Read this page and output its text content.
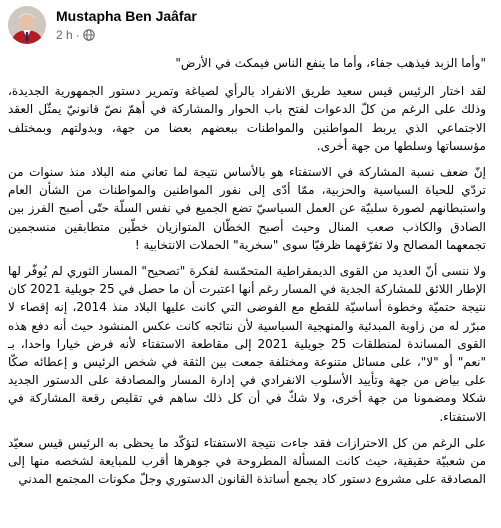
Mustapha Ben Jaâfar
2 h ·

"وأما الزبد فيذهب جفاء، وأما ما ينفع الناس فيمكث في الأرض"

لقد اختار الرئيس قيس سعيد طريق الانفراد بالرأي لصياغة وتمرير دستور الجمهورية الجديدة، وذلك على الرغم من كلّ الدعوات لفتح باب الحوار والمشاركة في أهمّ نصّ قانونيّ يمثّل العقد الاجتماعي الذي يربط المواطنين والمواطنات ببعضهم بعضا من جهة، وبدولتهم وبمختلف مؤسساتها وسلطها من جهة أخرى.

إنّ ضعف نسبة المشاركة في الاستفتاء هو بالأساس نتيجة لما تعاني منه البلاد منذ سنوات من تردّي للحياة السياسية والحزبية، ممّا أدّى إلى نفور المواطنين والمواطنات من الشأن العام واستبطانهم لصورة سلبيّة عن العمل السياسيّ تضع الجميع في نفس السلّة حتّى أصبح الفرز بين الصادق والكاذب صعب المنال وحيث أصبح الخطّان المتوازيان خطّين متطابقين منسجمين تجمعهما المصالح ولا تفرّقهما ظرفيّا سوى "سخرية" الحملات الانتخابية !

ولا ننسى أنّ العديد من القوى الديمقراطية المتحمّسة لفكرة "تصحيح" المسار الثوري لم يُوفّر لها الإطار اللائق للمشاركة الجدية في المسار رغم أنها اعتبرت أن ما حصل في 25 جويلية 2021 كان نتيجة حتميّة وخطوة أساسيّة للقطع مع الفوضى التي كانت عليها البلاد منذ 2014، إنه إقصاء لا مبرّر له من زاوية المبدئية والمنهجية السياسية لأن نتائجه كانت عكس المنشود حيث أنه دفع هذه القوى المساندة لمنطلقات 25 جويلية 2021 إلى مقاطعة الاستفتاء لأنه فرض خيارا واحدا، بـ "نعم" أو "لا"، على مسائل متنوعة ومختلفة جمعت بين الثقة في شخص الرئيس و إعطائه صكّا على بياض من جهة وتأييد الأسلوب الانفرادي في إدارة المسار والمصادقة على الدستور الجديد شكلا ومضمونا من جهة أخرى، ولا شكّ في أن كل ذلك ساهم في تقليص رقعة المشاركة في الاستفتاء.

على الرغم من كل الاحترازات فقد جاءت نتيجة الاستفتاء لتؤكّد ما يحظى به الرئيس قيس سعيّد من شعبيّة حقيقية، حيث كانت المسألة المطروحة في جوهرها أقرب للمبايعة لشخصه منها إلى المصادقة على مشروع دستور كاد يجمع أساتذة القانون الدستوري وجلّ مكونات المجتمع المدني
